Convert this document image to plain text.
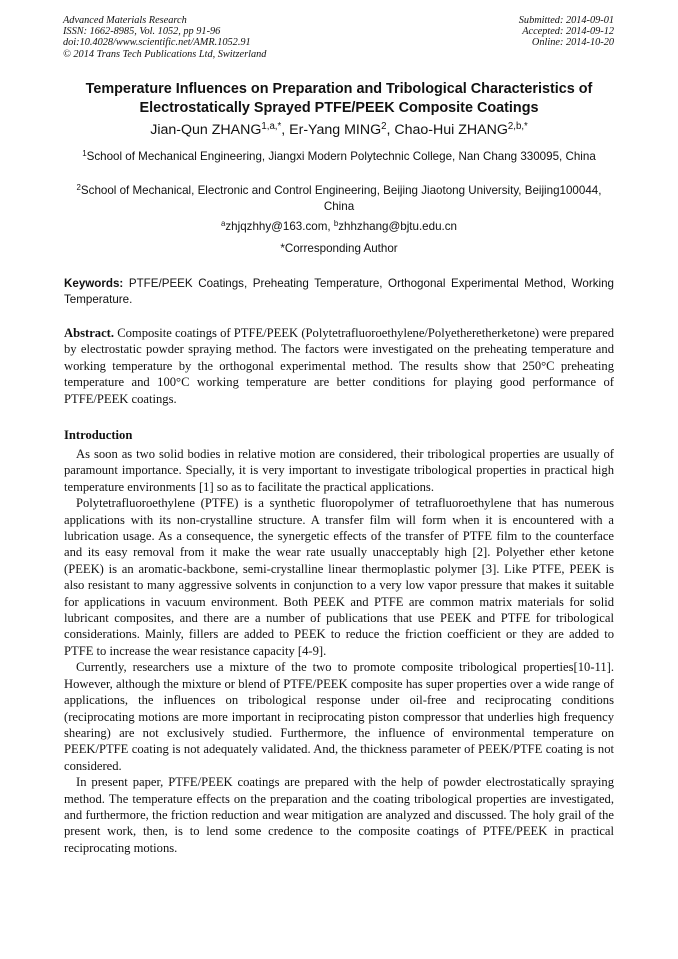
Advanced Materials Research
ISSN: 1662-8985, Vol. 1052, pp 91-96
doi:10.4028/www.scientific.net/AMR.1052.91
© 2014 Trans Tech Publications Ltd, Switzerland
Submitted: 2014-09-01
Accepted: 2014-09-12
Online: 2014-10-20
Temperature Influences on Preparation and Tribological Characteristics of Electrostatically Sprayed PTFE/PEEK Composite Coatings
Jian-Qun $ZHANG^{1,a,*}$, Er-Yang MING$^2$, Chao-Hui $ZHANG^{2,b,*}$
$^1$School of Mechanical Engineering, Jiangxi Modern Polytechnic College, Nan Chang 330095, China
$^2$School of Mechanical, Electronic and Control Engineering, Beijing Jiaotong University, Beijing100044, China
$^a$zhjqzhhy@163.com, $^b$zhhzhang@bjtu.edu.cn
*Corresponding Author
Keywords: PTFE/PEEK Coatings, Preheating Temperature, Orthogonal Experimental Method, Working Temperature.
Abstract. Composite coatings of PTFE/PEEK (Polytetrafluoroethylene/Polyetheretherketone) were prepared by electrostatic powder spraying method. The factors were investigated on the preheating temperature and working temperature by the orthogonal experimental method. The results show that 250°C preheating temperature and 100°C working temperature are better conditions for playing good performance of PTFE/PEEK coatings.
Introduction

As soon as two solid bodies in relative motion are considered, their tribological properties are usually of paramount importance. Specially, it is very important to investigate tribological properties in practical high temperature environments [1] so as to facilitate the practical applications.

Polytetrafluoroethylene (PTFE) is a synthetic fluoropolymer of tetrafluoroethylene that has numerous applications with its non-crystalline structure. A transfer film will form when it is encountered with a lubrication usage. As a consequence, the synergetic effects of the transfer of PTFE film to the counterface and its easy removal from it make the wear rate usually unacceptably high [2]. Polyether ether ketone (PEEK) is an aromatic-backbone, semi-crystalline linear thermoplastic polymer [3]. Like PTFE, PEEK is also resistant to many aggressive solvents in conjunction to a very low vapor pressure that makes it suitable for applications in vacuum environment. Both PEEK and PTFE are common matrix materials for solid lubricant composites, and there are a number of publications that use PEEK and PTFE for tribological considerations. Mainly, fillers are added to PEEK to reduce the friction coefficient or they are added to PTFE to increase the wear resistance capacity [4-9].

Currently, researchers use a mixture of the two to promote composite tribological properties[10-11]. However, although the mixture or blend of PTFE/PEEK composite has super properties over a wide range of applications, the influences on tribological response under oil-free and reciprocating conditions (reciprocating motions are more important in reciprocating piston compressor that underlies high frequency shearing) are not exclusively studied. Furthermore, the influence of environmental temperature on PEEK/PTFE coating is not adequately validated. And, the thickness parameter of PEEK/PTFE coating is not considered.

In present paper, PTFE/PEEK coatings are prepared with the help of powder electrostatically spraying method. The temperature effects on the preparation and the coating tribological properties are investigated, and furthermore, the friction reduction and wear mitigation are analyzed and discussed. The holy grail of the present work, then, is to lend some credence to the composite coatings of PTFE/PEEK in practical reciprocating motions.
